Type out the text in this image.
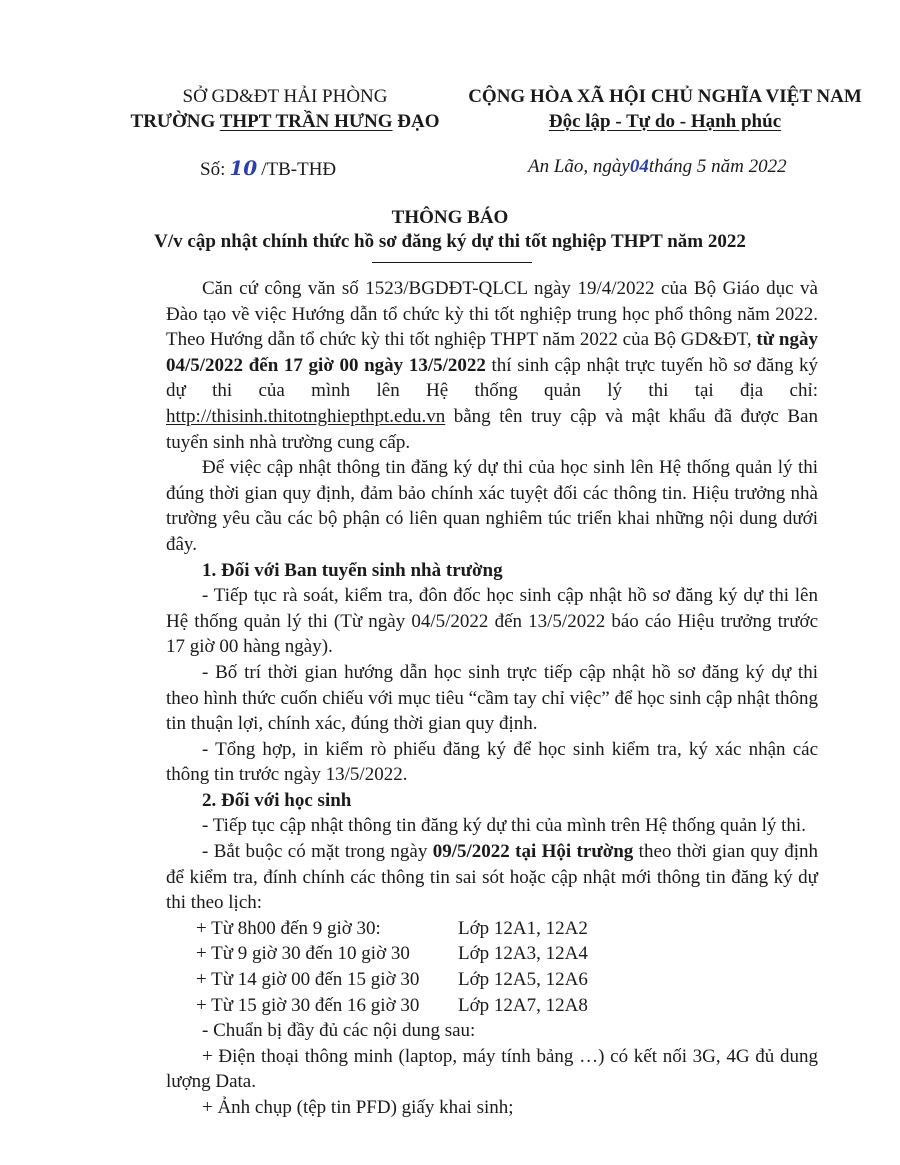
SỞ GD&ĐT HẢI PHÒNG
TRƯỜNG THPT TRẦN HƯNG ĐẠO
CỘNG HÒA XÃ HỘI CHỦ NGHĨA VIỆT NAM
Độc lập - Tự do - Hạnh phúc
Số: 10 /TB-THĐ	An Lão, ngày04tháng 5 năm 2022
THÔNG BÁO
V/v cập nhật chính thức hồ sơ đăng ký dự thi tốt nghiệp THPT năm 2022

Căn cứ công văn số 1523/BGDĐT-QLCL ngày 19/4/2022 của Bộ Giáo dục và Đào tạo về việc Hướng dẫn tổ chức kỳ thi tốt nghiệp trung học phổ thông năm 2022. Theo Hướng dẫn tổ chức kỳ thi tốt nghiệp THPT năm 2022 của Bộ GD&ĐT, từ ngày 04/5/2022 đến 17 giờ 00 ngày 13/5/2022 thí sinh cập nhật trực tuyến hồ sơ đăng ký dự thi của mình lên Hệ thống quản lý thi tại địa chỉ: http://thisinh.thitotnghiepthpt.edu.vn bằng tên truy cập và mật khẩu đã được Ban tuyển sinh nhà trường cung cấp.

Để việc cập nhật thông tin đăng ký dự thi của học sinh lên Hệ thống quản lý thi đúng thời gian quy định, đảm bảo chính xác tuyệt đối các thông tin. Hiệu trưởng nhà trường yêu cầu các bộ phận có liên quan nghiêm túc triển khai những nội dung dưới đây.

1. Đối với Ban tuyển sinh nhà trường

- Tiếp tục rà soát, kiểm tra, đôn đốc học sinh cập nhật hồ sơ đăng ký dự thi lên Hệ thống quản lý thi (Từ ngày 04/5/2022 đến 13/5/2022 báo cáo Hiệu trưởng trước 17 giờ 00 hàng ngày).

- Bố trí thời gian hướng dẫn học sinh trực tiếp cập nhật hồ sơ đăng ký dự thi theo hình thức cuốn chiếu với mục tiêu “cầm tay chỉ việc” để học sinh cập nhật thông tin thuận lợi, chính xác, đúng thời gian quy định.

- Tổng hợp, in kiểm rò phiếu đăng ký để học sinh kiểm tra, ký xác nhận các thông tin trước ngày 13/5/2022.

2. Đối với học sinh

- Tiếp tục cập nhật thông tin đăng ký dự thi của mình trên Hệ thống quản lý thi.

- Bắt buộc có mặt trong ngày 09/5/2022 tại Hội trường theo thời gian quy định để kiểm tra, đính chính các thông tin sai sót hoặc cập nhật mới thông tin đăng ký dự thi theo lịch:

+ Từ 8h00 đến 9 giờ 30:	Lớp 12A1, 12A2
+ Từ 9 giờ 30 đến 10 giờ 30	Lớp 12A3, 12A4
+ Từ 14 giờ 00 đến 15 giờ 30	Lớp 12A5, 12A6
+ Từ 15 giờ 30 đến 16 giờ 30	Lớp 12A7, 12A8

- Chuẩn bị đầy đủ các nội dung sau:

+ Điện thoại thông minh (laptop, máy tính bảng …) có kết nối 3G, 4G đủ dung lượng Data.

+ Ảnh chụp (tệp tin PFD) giấy khai sinh;
